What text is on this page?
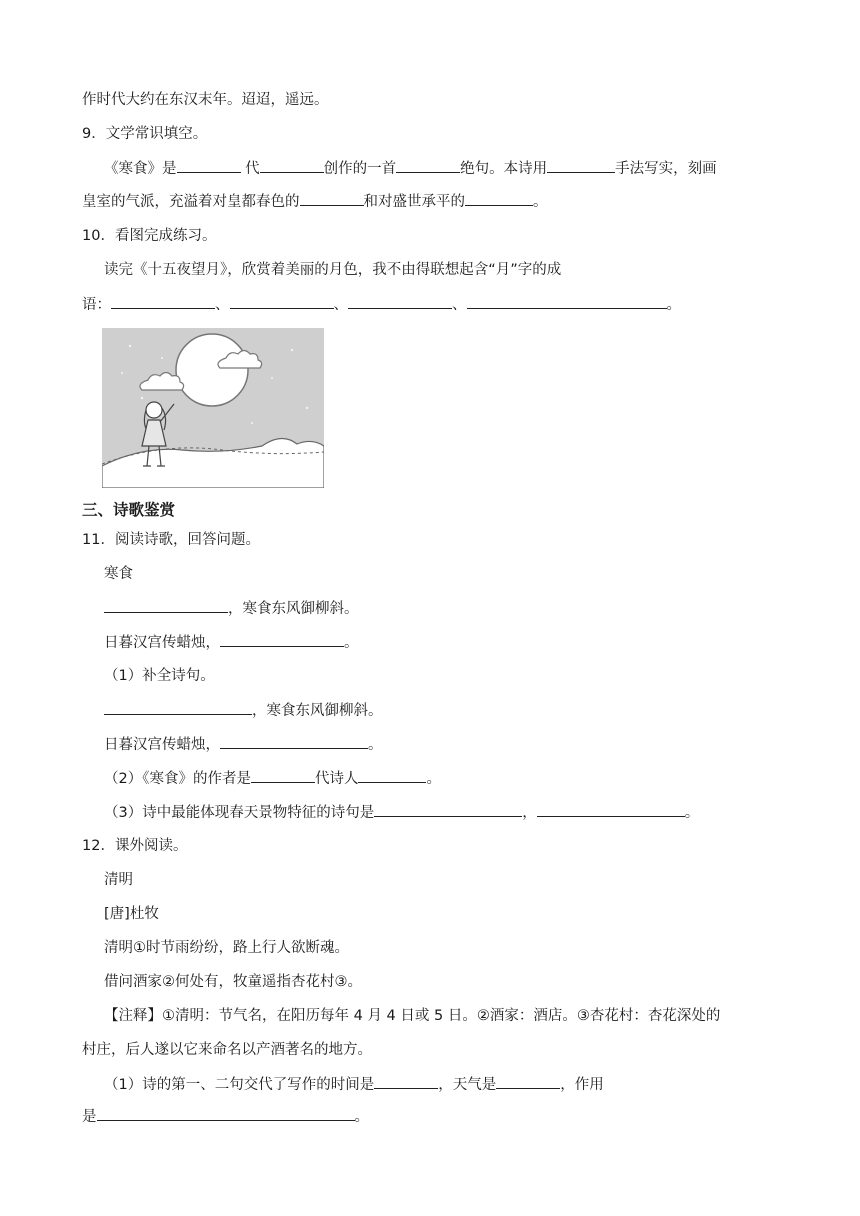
作时代大约在东汉末年。迢迢，遥远。
9．文学常识填空。
《寒食》是	代	创作的一首	绝句。本诗用	手法写实，刻画
皇室的气派，充溢着对皇都春色的	和对盛世承平的	。
10．看图完成练习。
读完《十五夜望月》，欣赏着美丽的月色，我不由得联想起含“月”字的成
语：	、	、	、	。
三、诗歌鉴赏
11．阅读诗歌，回答问题。
寒食
，寒食东风御柳斜。
日暮汉宫传蜡烛，	。
（1）补全诗句。
，寒食东风御柳斜。
日暮汉宫传蜡烛，	。
（2）《寒食》的作者是	代诗人	。
（3）诗中最能体现春天景物特征的诗句是	，	。
12．课外阅读。
清明
[唐]杜牧
清明①时节雨纷纷，路上行人欲断魂。
借问酒家②何处有，牧童遥指杏花村③。
【注释】①清明：节气名，在阳历每年 4 月 4 日或 5 日。②酒家：酒店。③杏花村：杏花深处的
村庄，后人遂以它来命名以产酒著名的地方。
（1）诗的第一、二句交代了写作的时间是	，天气是	，作用
是	。
